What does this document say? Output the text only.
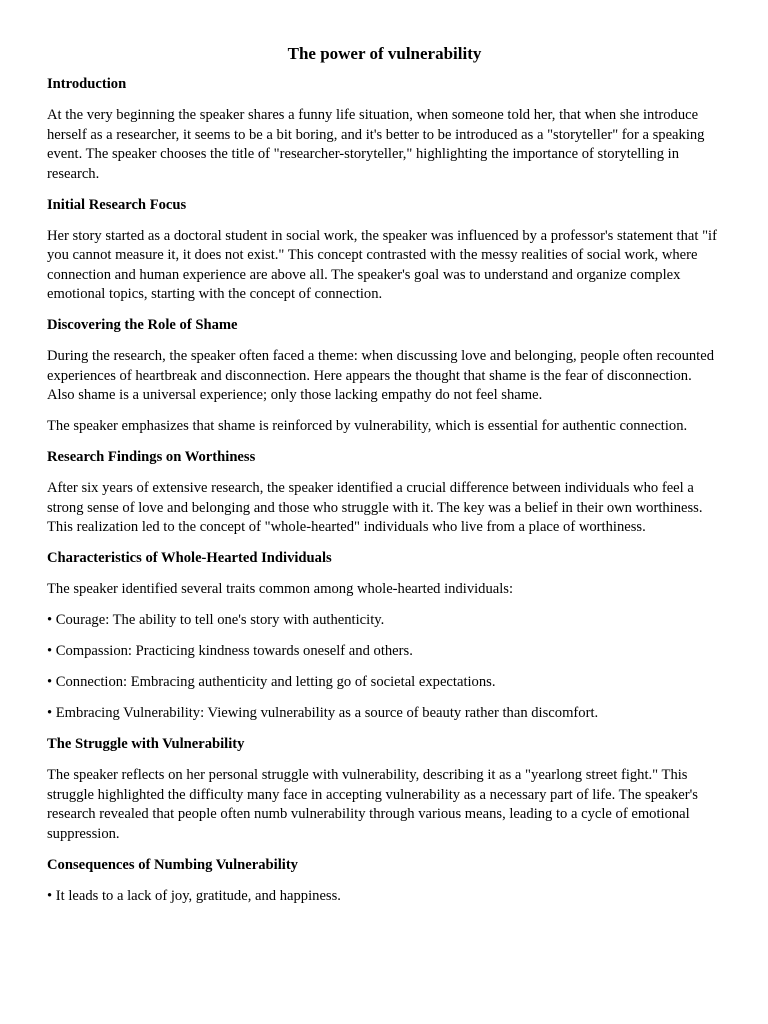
The power of vulnerability
Introduction
At the very beginning the speaker shares a funny life situation, when someone told her, that when she introduce herself as a researcher, it seems to be a bit boring, and it's better to be introduced as a "storyteller" for a speaking event. The speaker chooses the title of "researcher-storyteller," highlighting the importance of storytelling in research.
Initial Research Focus
Her story started as a doctoral student in social work, the speaker was influenced by a professor's statement that "if you cannot measure it, it does not exist." This concept contrasted with the messy realities of social work, where connection and human experience are above all. The speaker's goal was to understand and organize complex emotional topics, starting with the concept of connection.
Discovering the Role of Shame
During the research, the speaker often faced a theme: when discussing love and belonging, people often recounted experiences of heartbreak and disconnection. Here appears the thought that shame is the fear of disconnection. Also shame is a universal experience; only those lacking empathy do not feel shame.
The speaker emphasizes that shame is reinforced by vulnerability, which is essential for authentic connection.
Research Findings on Worthiness
After six years of extensive research, the speaker identified a crucial difference between individuals who feel a strong sense of love and belonging and those who struggle with it. The key was a belief in their own worthiness. This realization led to the concept of "whole-hearted" individuals who live from a place of worthiness.
Characteristics of Whole-Hearted Individuals
The speaker identified several traits common among whole-hearted individuals:
• Courage: The ability to tell one's story with authenticity.
• Compassion: Practicing kindness towards oneself and others.
• Connection: Embracing authenticity and letting go of societal expectations.
• Embracing Vulnerability: Viewing vulnerability as a source of beauty rather than discomfort.
The Struggle with Vulnerability
The speaker reflects on her personal struggle with vulnerability, describing it as a "yearlong street fight." This struggle highlighted the difficulty many face in accepting vulnerability as a necessary part of life. The speaker's research revealed that people often numb vulnerability through various means, leading to a cycle of emotional suppression.
Consequences of Numbing Vulnerability
• It leads to a lack of joy, gratitude, and happiness.
